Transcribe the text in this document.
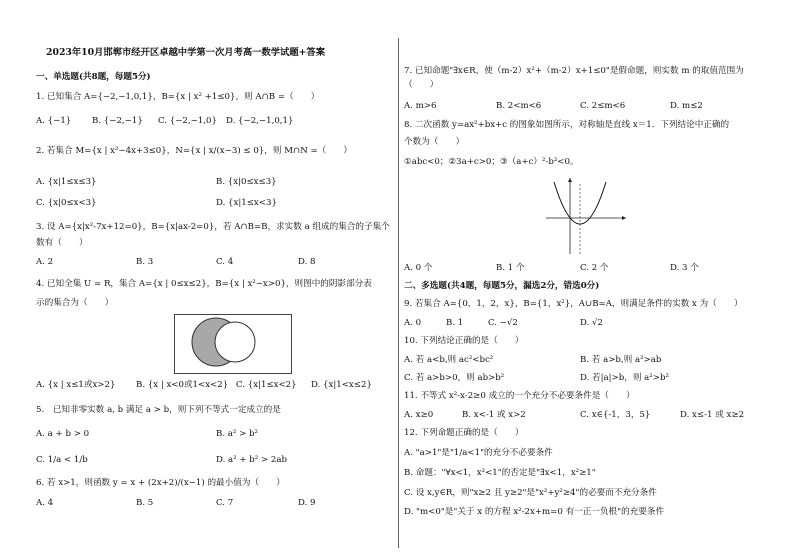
2023年10月邯郸市经开区卓越中学第一次月考高一数学试题+答案
一、单选题(共8题，每题5分)
1. 已知集合 A={−2,−1,0,1}，B={x | x² +1≤0}，则 A∩B =（　　）
A. {−1} B. {−2,−1} C. {−2,−1,0} D. {−2,−1,0,1}
2. 若集合 M={x | x²−4x+3≤0}，N={x | x/(x−3) ≤ 0}，则 M∩N =（　　）
A. {x|1≤x≤3}	B. {x|0≤x≤3}
C. {x|0≤x<3}	D. {x|1≤x<3}
3. 设 A={x|x²-7x+12=0}，B={x|ax-2=0}，若 A∩B=B，求实数 a 组成的集合的子集个
数有（　　）
A. 2	B. 3	C. 4	D. 8
4. 已知全集 U = R，集合 A={x | 0≤x≤2}，B={x | x²−x>0}，则图中的阴影部分表
示的集合为（　　）
A. {x | x≤1或x>2} B. {x | x<0或1<x<2} C. {x|1≤x<2} D. {x|1<x≤2}
5.　已知非零实数 a, b 满足 a > b，则下列不等式一定成立的是
A. a + b > 0	B. a² > b²
C. 1/a < 1/b	D. a² + b² > 2ab
6. 若 x>1，则函数 y = x + (2x+2)/(x−1) 的最小值为（　　）
A. 4	B. 5	C. 7	D. 9
7. 已知命题"∃x∈R，使（m-2）x²+（m-2）x+1≤0"是假命题，则实数 m 的取值范围为
（　　）
A. m>6	B. 2<m<6	C. 2≤m<6	D. m≤2
8. 二次函数 y=ax²+bx+c 的图象如图所示，对称轴是直线 x＝1．下列结论中正确的
个数为（　　）
①abc<0；②3a+c>0；③（a+c）²-b²<0。
A. 0 个	B. 1 个	C. 2 个	D. 3 个
二、多选题(共4题，每题5分，漏选2分，错选0分)
9. 若集合 A={0，1，2，x}，B={1，x²}，A∪B=A，则满足条件的实数 x 为（　　）
A. 0	B. 1	C. −√2	D. √2
10. 下列结论正确的是（　　）
A. 若 a<b,则 ac²<bc²	B. 若 a>b,则 a²>ab
C. 若 a>b>0，则 ab>b²	D. 若|a|>b，则 a²>b²
11. 不等式 x²-x-2≥0 成立的一个充分不必要条件是（　　）
A. x≥0	B. x<-1 或 x>2	C. x∈{-1，3，5}	D. x≤-1 或 x≥2
12. 下列命题正确的是（　　）
A. "a>1"是"1/a<1"的充分不必要条件
B. 命题："∀x<1，x²<1"的否定是"∃x<1，x²≥1"
C. 设 x,y∈R，则"x≥2 且 y≥2"是"x²+y²≥4"的必要而不充分条件
D. "m<0"是"关于 x 的方程 x²-2x+m=0 有一正一负根"的充要条件
